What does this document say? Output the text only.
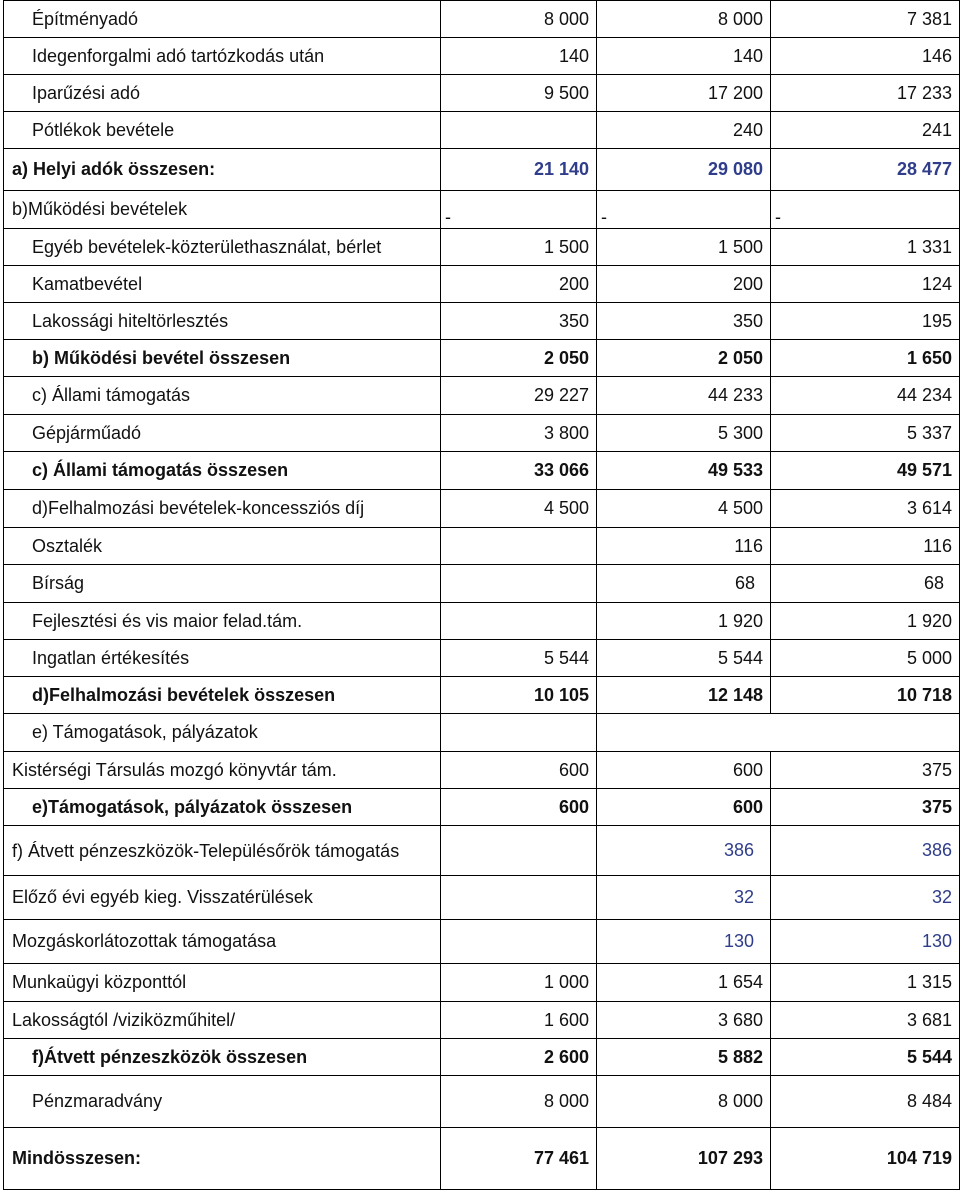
Építményadó	8 000	8 000	7 381
Idegenforgalmi adó tartózkodás után	140	140	146
Iparűzési adó	9 500	17 200	17 233
Pótlékok bevétele		240	241
a) Helyi adók összesen:	21 140	29 080	28 477
b)Működési bevételek	-	-	-
Egyéb bevételek-közterülethasználat, bérlet	1 500	1 500	1 331
Kamatbevétel	200	200	124
Lakossági hiteltörlesztés	350	350	195
b) Működési bevétel összesen	2 050	2 050	1 650
c) Állami támogatás	29 227	44 233	44 234
Gépjárműadó	3 800	5 300	5 337
c) Állami támogatás összesen	33 066	49 533	49 571
d)Felhalmozási bevételek-koncessziós díj	4 500	4 500	3 614
Osztalék		116	116
Bírság		68	68
Fejlesztési és vis maior felad.tám.		1 920	1 920
Ingatlan értékesítés	5 544	5 544	5 000
d)Felhalmozási bevételek összesen	10 105	12 148	10 718
e) Támogatások, pályázatok			
Kistérségi Társulás mozgó könyvtár tám.	600	600	375
e)Támogatások, pályázatok összesen	600	600	375
f) Átvett pénzeszközök-Településőrök támogatás		386	386
Előző évi egyéb kieg. Visszatérülések		32	32
Mozgáskorlátozottak támogatása		130	130
Munkaügyi központtól	1 000	1 654	1 315
Lakosságtól /viziközműhitel/	1 600	3 680	3 681
f)Átvett pénzeszközök összesen	2 600	5 882	5 544
Pénzmaradvány	8 000	8 000	8 484
Mindösszesen:	77 461	107 293	104 719
